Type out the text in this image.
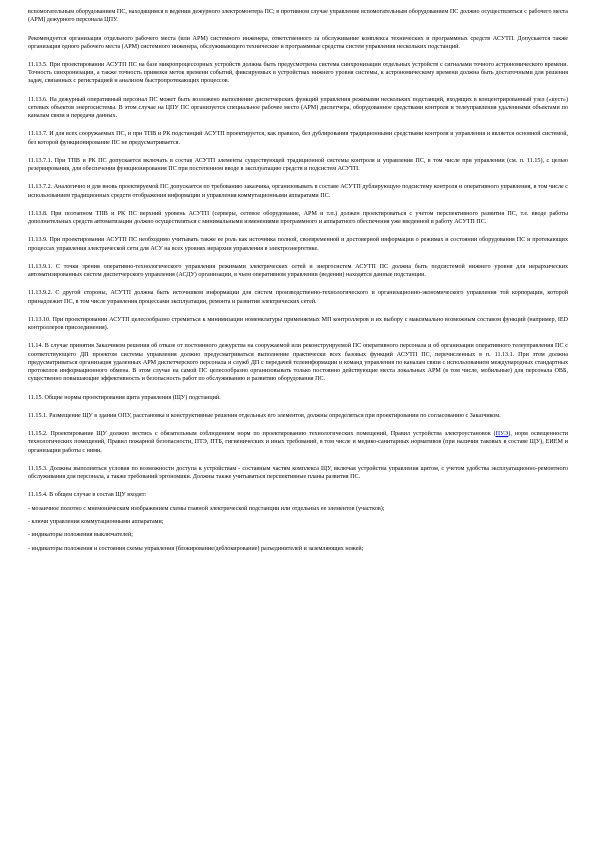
вспомогательным оборудованием ПС, находящимся в ведении дежурного электромонтера ПС; в противном случае управление вспомогательным оборудованием ПС должно осуществляться с рабочего места (АРМ) дежурного персонала ЦПУ.

Рекомендуется организация отдельного рабочего места (или АРМ) системного инженера, ответственного за обслуживание комплекса технических и программных средств АСУТП. Допускается также организация одного рабочего места (АРМ) системного инженера, обслуживающего технические и программные средства систем управления нескольких подстанций.

11.13.5. При проектировании АСУТП ПС на базе микропроцессорных устройств должна быть предусмотрена система синхронизации отдельных устройств с сигналами точного астрономического времени. Точность синхронизации, а также точность привязки меток времени событий, фиксируемых в устройствах нижнего уровня системы, к астрономическому времени должна быть достаточными для решения задач, связанных с регистрацией и анализом быстропротекающих процессов.

11.13.6. На дежурный оперативный персонал ПС может быть возложено выполнение диспетчерских функций управления режимами нескольких подстанций, входящих в концентрированный узел («куст») сетевых объектов энергосистемы. В этом случае на ЦПУ ПС организуется специальное рабочее место (АРМ) диспетчера, оборудованное средствами контроля и телеуправления удаленными объектами по каналам связи и передачи данных.

11.13.7. И для всех сооружаемых ПС, и при ТПВ и РК подстанций АСУТП проектируется, как правило, без дублирования традиционными средствами контроля и управления и является основной системой, без которой функционирование ПС не предусматривается.

11.13.7.1. При ТПВ и РК ПС допускается включать в состав АСУТП элементы существующей традиционной системы контроля и управления ПС, в том числе при управлении (см. п. 11.15), с целью резервирования, для обеспечения функционирования ПС при постепенном вводе в эксплуатацию средств и подсистем АСУТП.

11.13.7.2. Аналогично и для вновь проектируемой ПС допускается по требованию заказчика, организовывать в составе АСУТП дублирующую подсистему контроля и оперативного управления, в том числе с использованием традиционных средств отображения информации и управления коммутационными аппаратами ПС.

11.13.8. При поэтапном ТПВ и РК ПС верхний уровень АСУТП (серверы, сетевое оборудование, АРМ и т.п.) должен проектироваться с учетом перспективного развития ПС, т.е. вводе работы дополнительных средств автоматизации должно осуществляться с минимальными изменениями программного и аппаратного обеспечения уже введенной в работу АСУТП ПС.

11.13.9. При проектировании АСУТП ПС необходимо учитывать также ее роль как источника полной, своевременной и достоверной информации о режимах и состоянии оборудования ПС и протекающих процессах управления электрической сети для АСУ на всех уровнях иерархии управления в электроэнергетике.

11.13.9.1. С точки зрения оперативно-технологического управления режимами электрических сетей и энергосистем АСУТП ПС должна быть подсистемой нижнего уровня для иерархических автоматизированных систем диспетчерского управления (АСДУ) организации, в чьем оперативном управлении (ведении) находятся данные подстанции.

11.13.9.2. С другой стороны, АСУТП должна быть источником информации для систем производственно-технологического и организационно-экономического управления той корпорации, которой принадлежит ПС, в том числе управления процессами эксплуатации, ремонта и развития электрических сетей.

11.13.10. При проектировании АСУТП целесообразно стремиться к минимизации номенклатуры применяемых МП контроллеров и их выбору с максимально возможным составом функций (например, IED контроллеров присоединения).

11.14. В случае принятия Заказчиком решения об отказе от постоянного дежурства на сооружаемой или реконструируемой ПС оперативного персонала и об организации оперативного телеуправления ПС с соответствующего ДП проектом системы управления должно предусматриваться выполнение практически всех базовых функций АСУТП ПС, перечисленных в п. 11.13.1. При этом должна предусматриваться организация удаленных АРМ диспетчерского персонала и служб ДП с передачей телеинформации и команд управления по каналам связи с использованием международных стандартных протоколов информационного обмена. В этом случае на самой ПС целесообразно организовывать только постоянно действующие места локальных АРМ (в том числе, мобильные) для персонала ОВБ, существенно повышающие эффективность и безопасность работ по обслуживанию и развитию оборудования ПС.

11.15. Общие нормы проектирования щита управления (ЩУ) подстанций.

11.15.1. Размещение ЩУ в здании ОПУ, расстановка и конструктивные решения отдельных его элементов, должны определяться при проектировании по согласованию с Заказчиком.

11.15.2. Проектирование ЩУ должно вестись с обязательным соблюдением норм по проектированию технологических помещений, Правил устройства электроустановок (ПУЭ), норм освещенности технологических помещений, Правил пожарной безопасности, ПТЭ, ПТБ, гигиенических и иных требований, в том числе и медико-санитарных нормативов (при наличии таковых в составе ЩУ), ЕИЕМ и организации работы с ними.

11.15.3. Должны выполняться условия по возможности доступа к устройствам - составным частям комплекса ЩУ, включая устройства управления щитом, с учетом удобства эксплуатационно-ремонтного обслуживания для персонала, а также требований эргономики. Должны также учитываться перспективные планы развития ПС.

11.15.4. В общем случае в состав ЩУ входят:

- мозаичное полотно с мнемоническим изображением схемы главной электрической подстанции или отдельных ее элементов (участков);

- ключи управления коммутационными аппаратами;

- индикаторы положения выключателей;

- индикаторы положения и состояния схемы управления (блокирование/деблокирование) разъединителей и заземляющих ножей;
